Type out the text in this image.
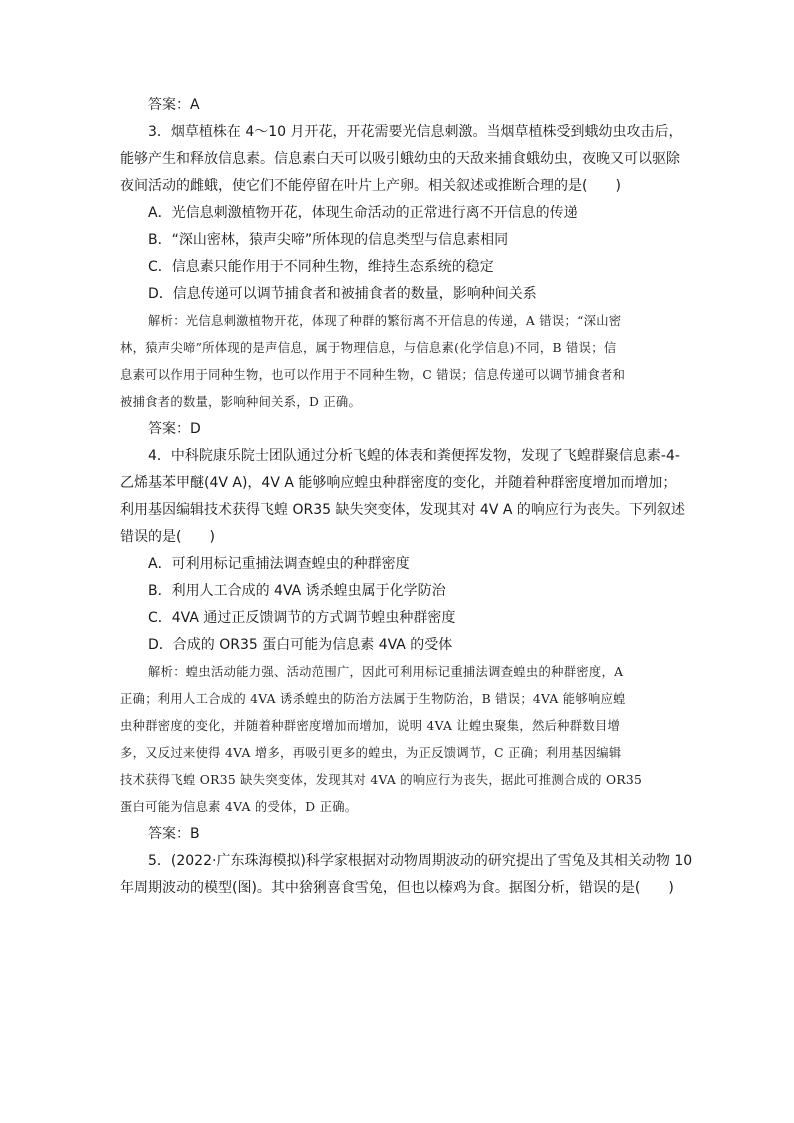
答案：A
3．烟草植株在 4～10 月开花，开花需要光信息刺激。当烟草植株受到蛾幼虫攻击后，
能够产生和释放信息素。信息素白天可以吸引蛾幼虫的天敌来捕食蛾幼虫，夜晚又可以驱除
夜间活动的雌蛾，使它们不能停留在叶片上产卵。相关叙述或推断合理的是(　　)
A．光信息刺激植物开花，体现生命活动的正常进行离不开信息的传递
B．“深山密林，猿声尖啼”所体现的信息类型与信息素相同
C．信息素只能作用于不同种生物，维持生态系统的稳定
D．信息传递可以调节捕食者和被捕食者的数量，影响种间关系
解析：光信息刺激植物开花，体现了种群的繁衍离不开信息的传递，A 错误；“深山密
林，猿声尖啼”所体现的是声信息，属于物理信息，与信息素(化学信息)不同，B 错误；信
息素可以作用于同种生物，也可以作用于不同种生物，C 错误；信息传递可以调节捕食者和
被捕食者的数量，影响种间关系，D 正确。
答案：D
4．中科院康乐院士团队通过分析飞蝗的体表和粪便挥发物，发现了飞蝗群聚信息素-4-
乙烯基苯甲醚(4V A)，4V A 能够响应蝗虫种群密度的变化，并随着种群密度增加而增加；
利用基因编辑技术获得飞蝗 OR35 缺失突变体，发现其对 4V A 的响应行为丧失。下列叙述
错误的是(　　)
A．可利用标记重捕法调查蝗虫的种群密度
B．利用人工合成的 4VA 诱杀蝗虫属于化学防治
C．4VA 通过正反馈调节的方式调节蝗虫种群密度
D．合成的 OR35 蛋白可能为信息素 4VA 的受体
解析：蝗虫活动能力强、活动范围广，因此可利用标记重捕法调查蝗虫的种群密度，A
正确；利用人工合成的 4VA 诱杀蝗虫的防治方法属于生物防治，B 错误；4VA 能够响应蝗
虫种群密度的变化，并随着种群密度增加而增加，说明 4VA 让蝗虫聚集，然后种群数目增
多，又反过来使得 4VA 增多，再吸引更多的蝗虫，为正反馈调节，C 正确；利用基因编辑
技术获得飞蝗 OR35 缺失突变体，发现其对 4VA 的响应行为丧失，据此可推测合成的 OR35
蛋白可能为信息素 4VA 的受体，D 正确。
答案：B
5．(2022·广东珠海模拟)科学家根据对动物周期波动的研究提出了雪兔及其相关动物 10
年周期波动的模型(图)。其中猞猁喜食雪兔，但也以榛鸡为食。据图分析，错误的是(　　)
